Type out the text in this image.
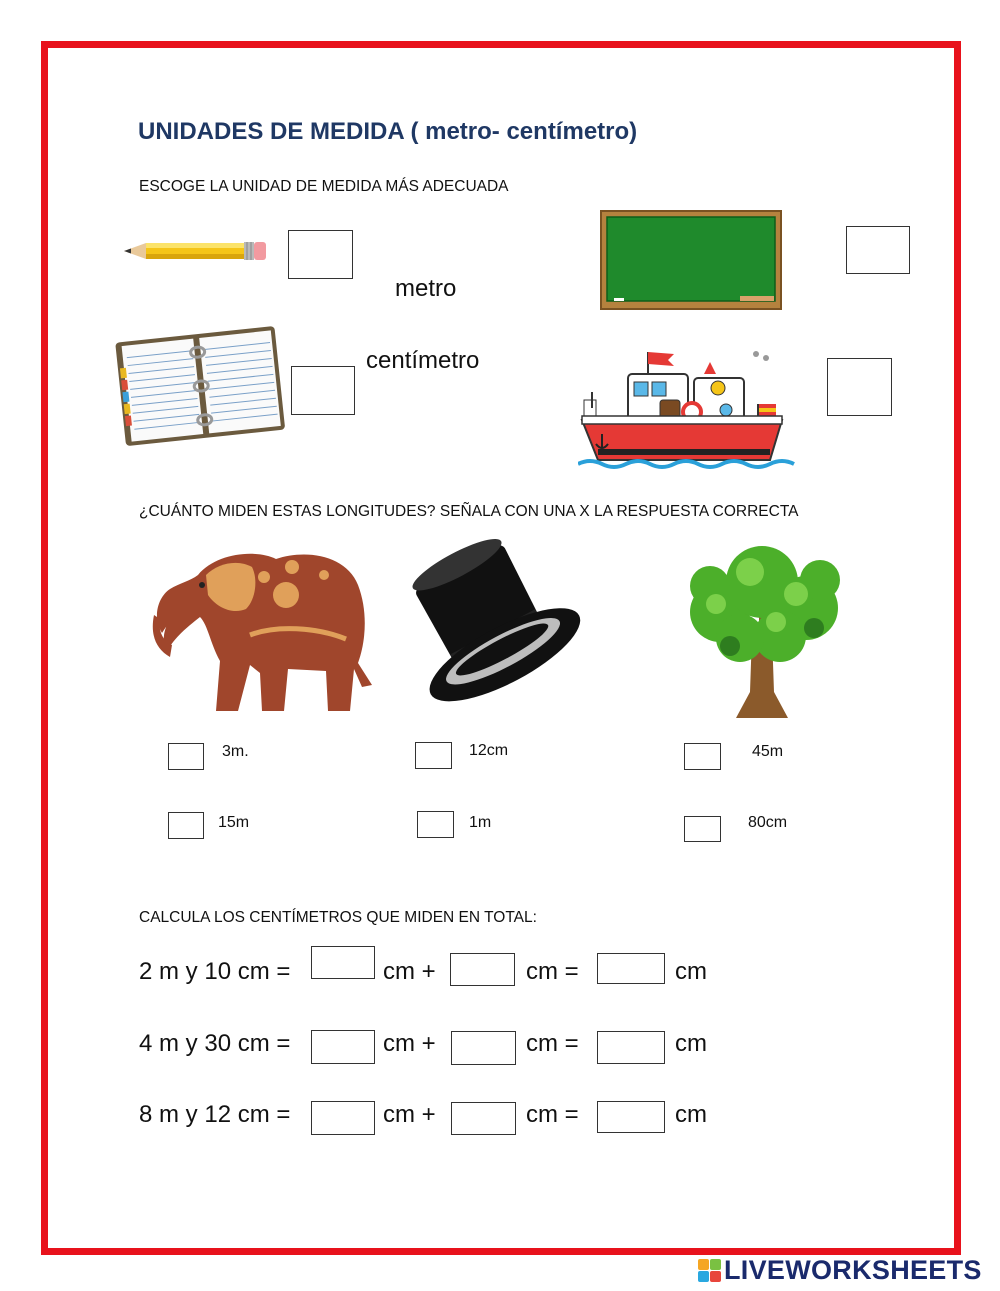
UNIDADES DE MEDIDA ( metro- centímetro)
ESCOGE LA UNIDAD DE MEDIDA MÁS ADECUADA
metro
centímetro
¿CUÁNTO MIDEN ESTAS LONGITUDES? SEÑALA CON UNA X LA RESPUESTA CORRECTA
3m.
15m
12cm
1m
45m
80cm
CALCULA LOS CENTÍMETROS QUE MIDEN EN TOTAL:
2 m y 10 cm =	cm +	cm =	cm
4 m y 30 cm =	cm +	cm =	cm
8 m y 12 cm =	cm +	cm =	cm
LIVEWORKSHEETS
